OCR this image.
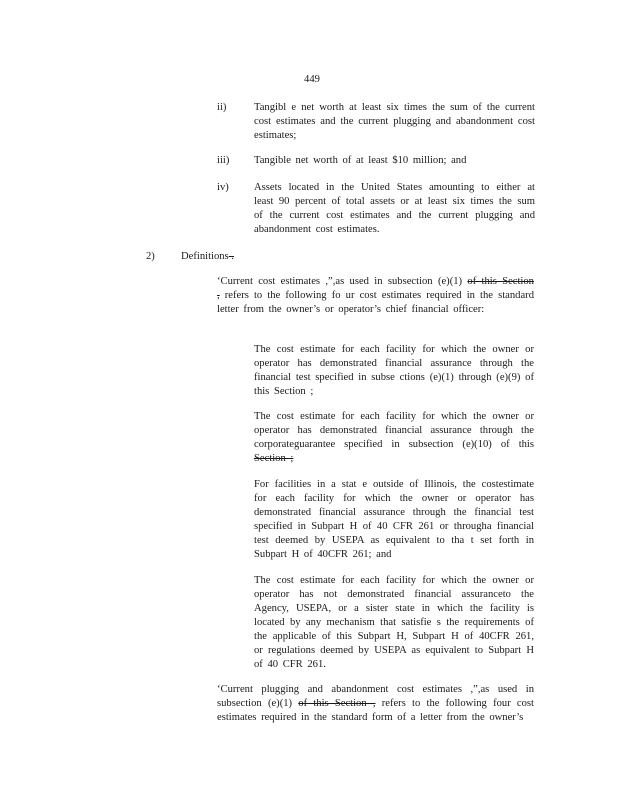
449
ii)	Tangibl e net worth at least six times the sum of the current cost estimates and the current plugging and abandonment cost estimates;
iii) Tangible net worth of at least $10 million; and
iv) Assets located in the United States amounting to either at least 90 percent of total assets or at least six times the sum of the current cost estimates and the current plugging and abandonment cost estimates.
2) Definitions .
‘Current cost estimates ,”,as used in subsection (e)(1) of this Section , refers to the following fo ur cost estimates required in the standard letter from the owner’s or operator’s chief financial officer:
The cost estimate for each facility for which the owner or operator has demonstrated financial assurance through the financial test specified in subse ctions (e)(1) through (e)(9) of this Section ;
The cost estimate for each facility for which the owner or operator has demonstrated financial assurance through the corporateguarantee specified in subsection (e)(10) of this Section ;
For facilities in a stat e outside of Illinois, the costestimate for each facility for which the owner or operator has demonstrated financial assurance through the financial test specified in Subpart H of 40 CFR 261 or througha financial test deemed by USEPA as equivalent to tha t set forth in Subpart H of 40CFR 261; and
The cost estimate for each facility for which the owner or operator has not demonstrated financial assuranceto the Agency, USEPA, or a sister state in which the facility is located by any mechanism that satisfie s the requirements of the applicable of this Subpart H, Subpart H of 40CFR 261, or regulations deemed by USEPA as equivalent to Subpart H of 40 CFR 261.
‘Current plugging and abandonment cost estimates ,”,as used in subsection (e)(1) of this Section , refers to the following four cost estimates required in the standard form of a letter from the owner’s
